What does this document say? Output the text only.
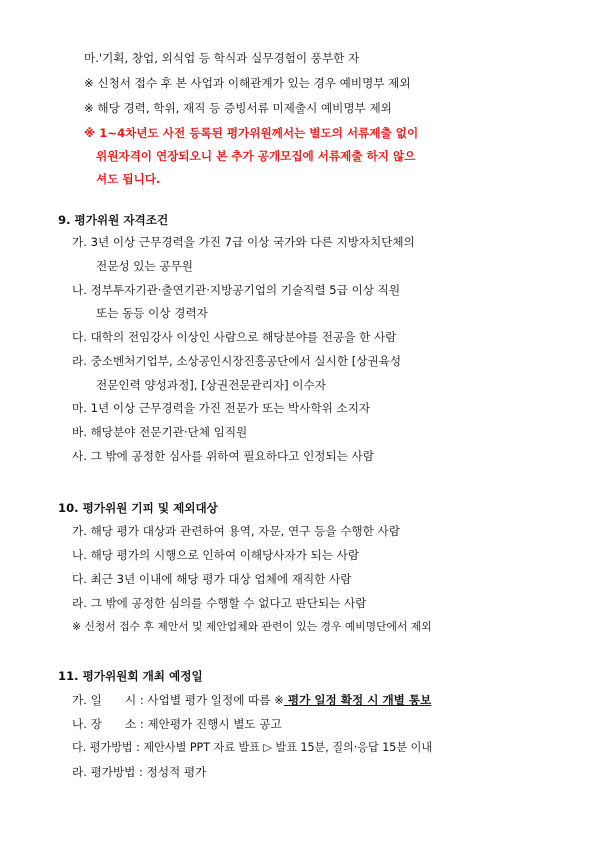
마.'기획, 창업, 외식업 등 학식과 실무경험이 풍부한 자
※ 신청서 접수 후 본 사업과 이해관계가 있는 경우 예비명부 제외
※ 해당 경력, 학위, 재직 등 증빙서류 미제출시 예비명부 제외
※ 1~4차년도 사전 등록된 평가위원께서는 별도의 서류제출 없이
위원자격이 연장되오니 본 추가 공개모집에 서류제출 하지 않으
셔도 됩니다.
9. 평가위원 자격조건
가. 3년 이상 근무경력을 가진 7급 이상 국가와 다른 지방자치단체의
전문성 있는 공무원
나. 정부투자기관·출연기관·지방공기업의 기술직렬 5급 이상 직원
또는 동등 이상 경력자
다. 대학의 전임강사 이상인 사람으로 해당분야를 전공을 한 사람
라. 중소벤처기업부, 소상공인시장진흥공단에서 실시한 [상권육성
전문인력 양성과정], [상권전문관리자] 이수자
마. 1년 이상 근무경력을 가진 전문가 또는 박사학위 소지자
바. 해당분야 전문기관·단체 임직원
사. 그 밖에 공정한 심사를 위하여 필요하다고 인정되는 사람
10. 평가위원 기피 및 제외대상
가. 해당 평가 대상과 관련하여 용역, 자문, 연구 등을 수행한 사람
나. 해당 평가의 시행으로 인하여 이해당사자가 되는 사람
다. 최근 3년 이내에 해당 평가 대상 업체에 재직한 사람
라. 그 밖에 공정한 심의를 수행할 수 없다고 판단되는 사람
※ 신청서 접수 후 제안서 및 제안업체와 관련이 있는 경우 예비명단에서 제외
11. 평가위원회 개최 예정일
가. 일　　시 : 사업별 평가 일정에 따름 ※ 평가 일정 확정 시 개별 통보
나. 장　　소 : 제안평가 진행시 별도 공고
다. 평가방법 : 제안사별 PPT 자료 발표 ▷ 발표 15분, 질의·응답 15분 이내
라. 평가방법 : 정성적 평가
